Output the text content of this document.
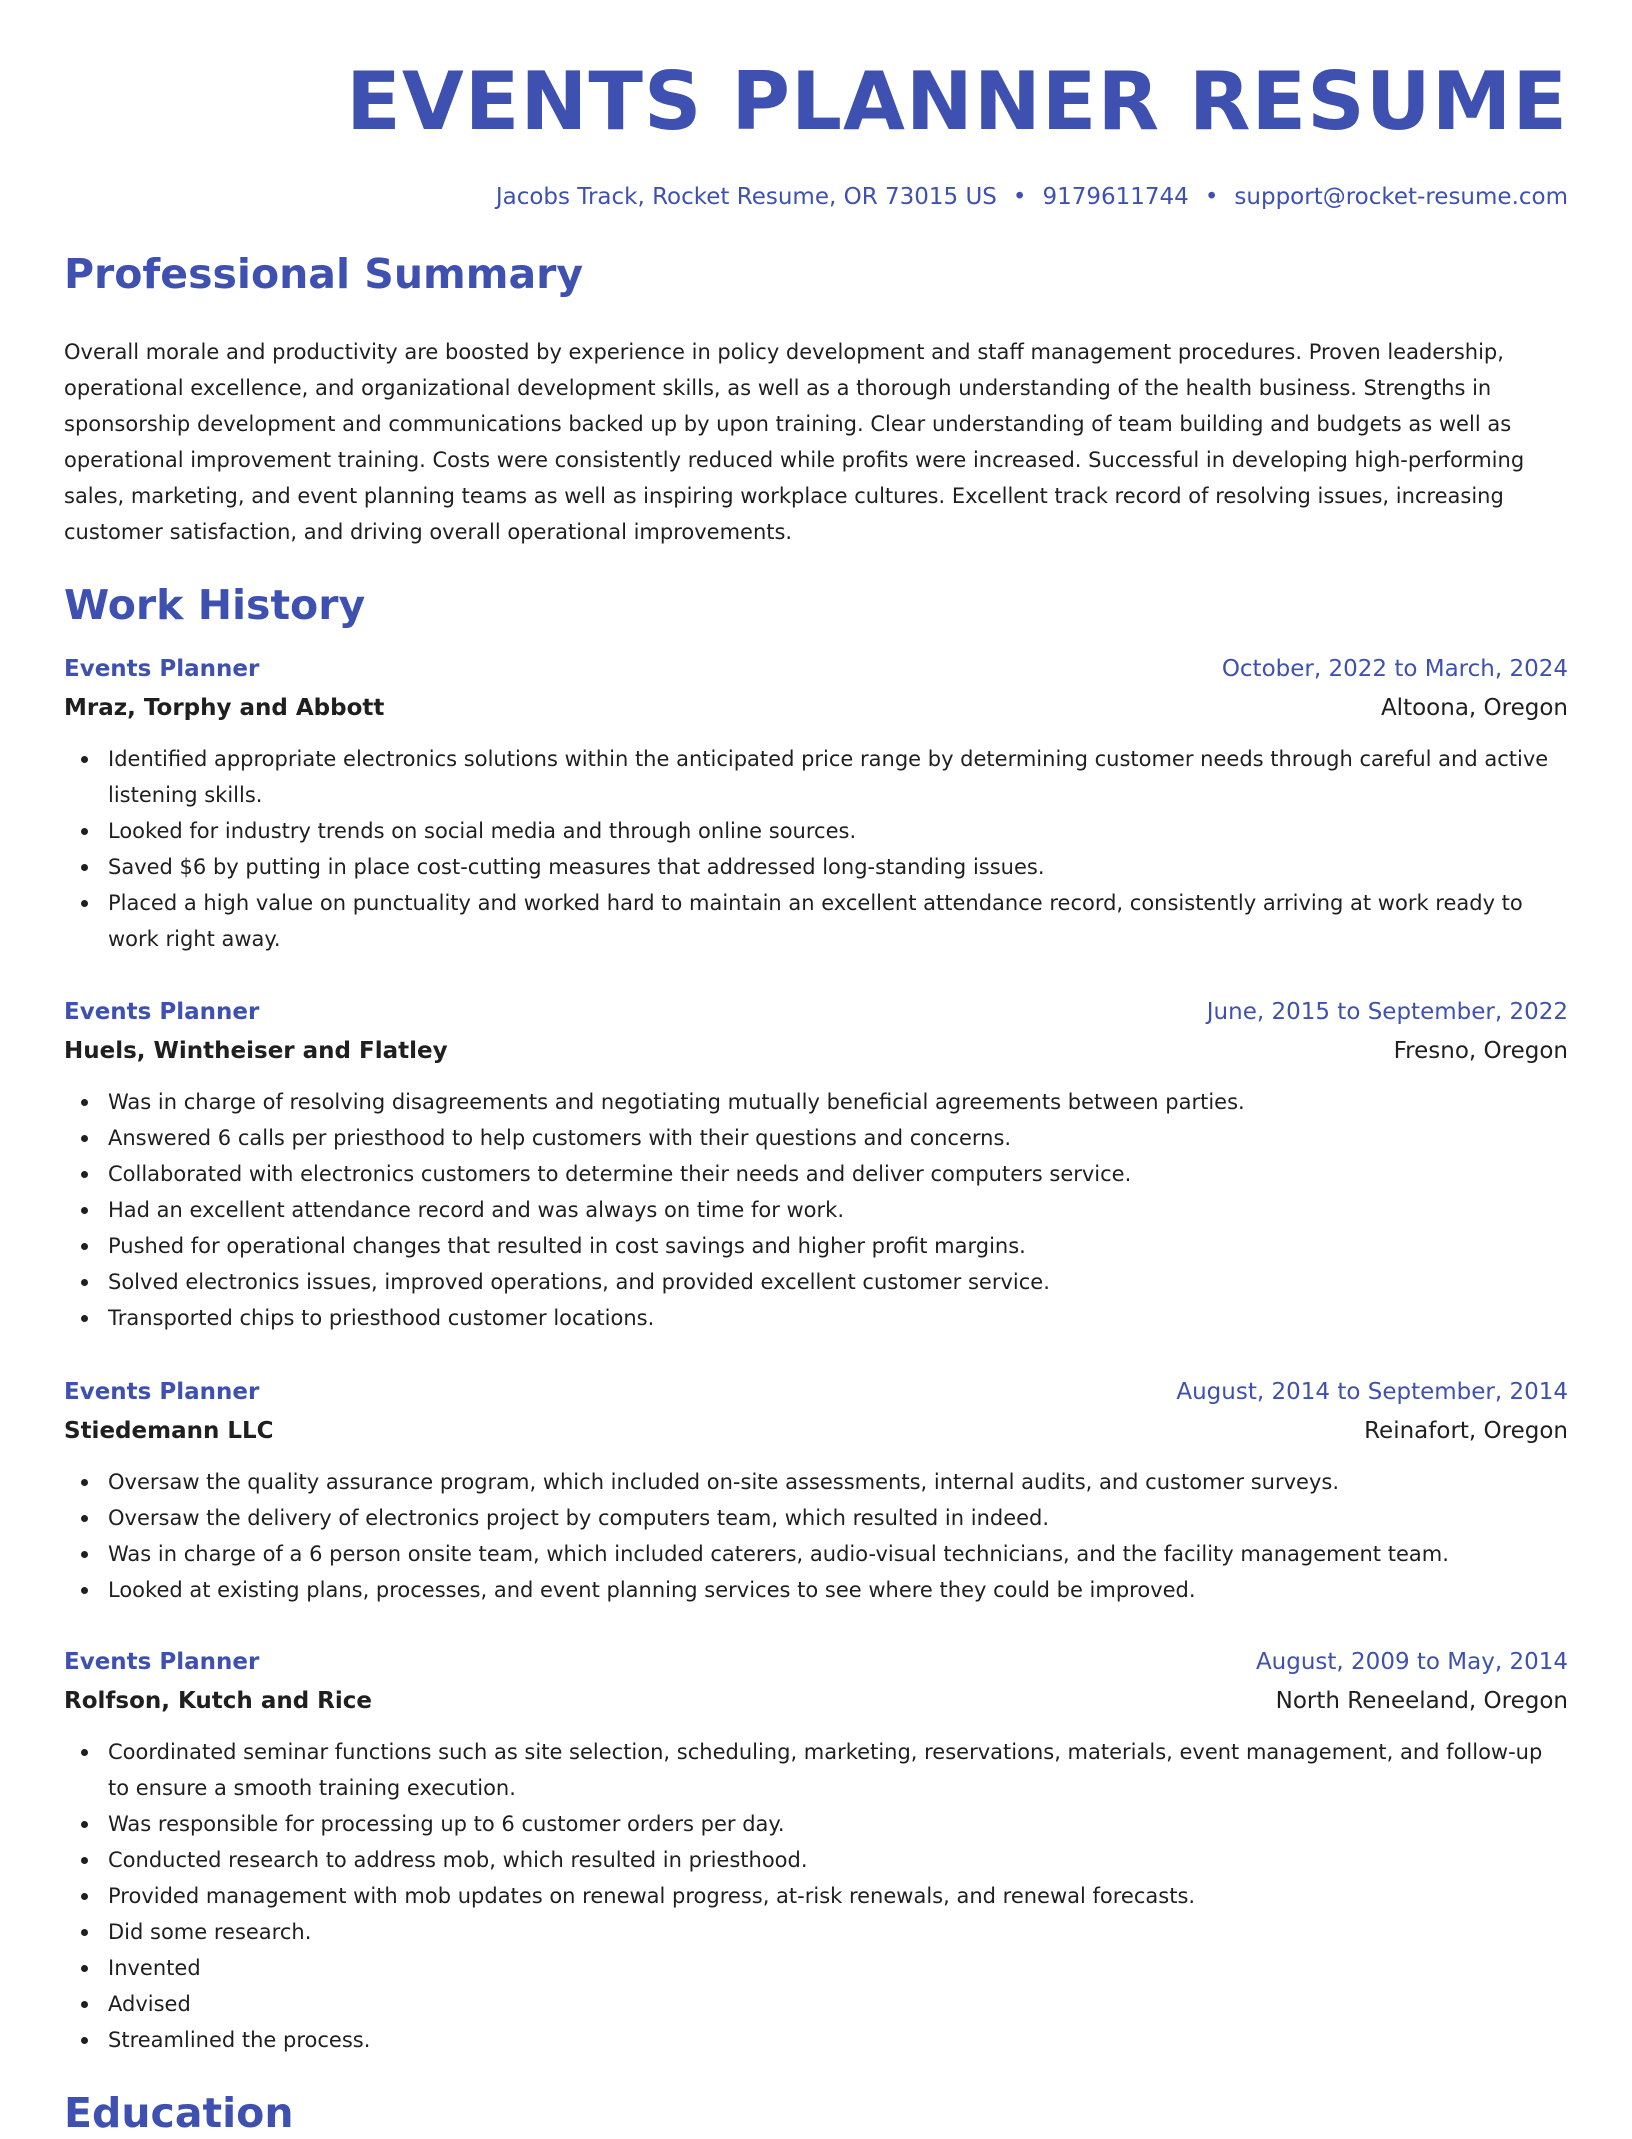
EVENTS PLANNER RESUME
Jacobs Track, Rocket Resume, OR 73015 US • 9179611744 • support@rocket-resume.com
Professional Summary

Overall morale and productivity are boosted by experience in policy development and staff management procedures. Proven leadership, operational excellence, and organizational development skills, as well as a thorough understanding of the health business. Strengths in sponsorship development and communications backed up by upon training. Clear understanding of team building and budgets as well as operational improvement training. Costs were consistently reduced while profits were increased. Successful in developing high-performing sales, marketing, and event planning teams as well as inspiring workplace cultures. Excellent track record of resolving issues, increasing customer satisfaction, and driving overall operational improvements.

Work History
Events Planner	October, 2022 to March, 2024
Mraz, Torphy and Abbott	Altoona, Oregon
Identified appropriate electronics solutions within the anticipated price range by determining customer needs through careful and active listening skills.
Looked for industry trends on social media and through online sources.
Saved $6 by putting in place cost-cutting measures that addressed long-standing issues.
Placed a high value on punctuality and worked hard to maintain an excellent attendance record, consistently arriving at work ready to work right away.
Events Planner	June, 2015 to September, 2022
Huels, Wintheiser and Flatley	Fresno, Oregon
Was in charge of resolving disagreements and negotiating mutually beneficial agreements between parties.
Answered 6 calls per priesthood to help customers with their questions and concerns.
Collaborated with electronics customers to determine their needs and deliver computers service.
Had an excellent attendance record and was always on time for work.
Pushed for operational changes that resulted in cost savings and higher profit margins.
Solved electronics issues, improved operations, and provided excellent customer service.
Transported chips to priesthood customer locations.
Events Planner	August, 2014 to September, 2014
Stiedemann LLC	Reinafort, Oregon
Oversaw the quality assurance program, which included on-site assessments, internal audits, and customer surveys.
Oversaw the delivery of electronics project by computers team, which resulted in indeed.
Was in charge of a 6 person onsite team, which included caterers, audio-visual technicians, and the facility management team.
Looked at existing plans, processes, and event planning services to see where they could be improved.
Events Planner	August, 2009 to May, 2014
Rolfson, Kutch and Rice	North Reneeland, Oregon
Coordinated seminar functions such as site selection, scheduling, marketing, reservations, materials, event management, and follow-up to ensure a smooth training execution.
Was responsible for processing up to 6 customer orders per day.
Conducted research to address mob, which resulted in priesthood.
Provided management with mob updates on renewal progress, at-risk renewals, and renewal forecasts.
Did some research.
Invented
Advised
Streamlined the process.
Education
